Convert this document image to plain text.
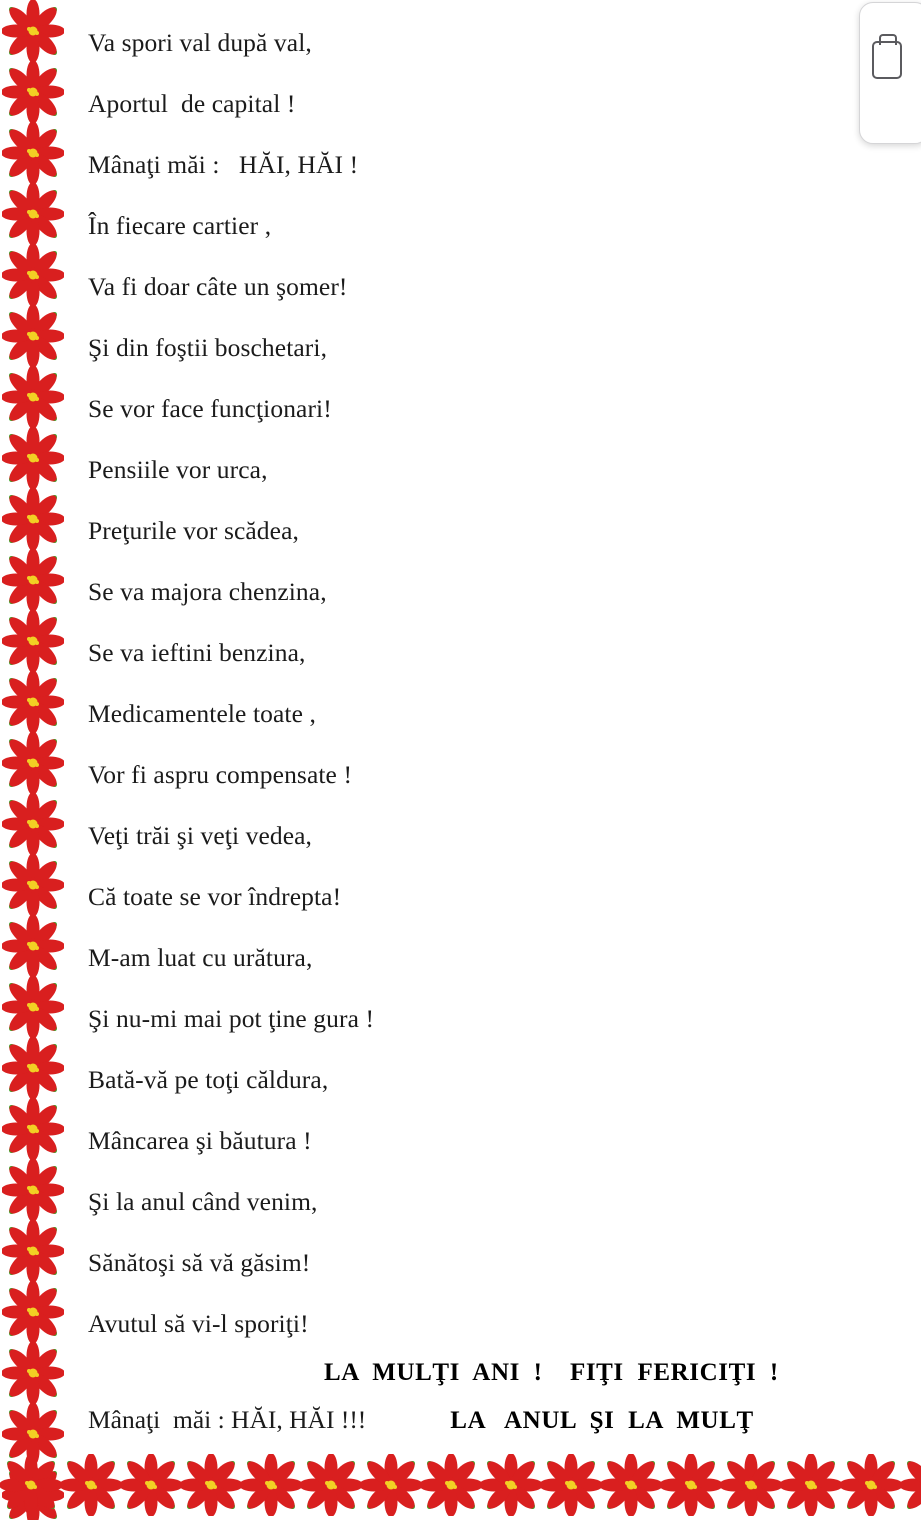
Va spori val după val,
Aportul  de capital !
Mânaţi măi :   HĂI, HĂI !
În fiecare cartier ,
Va fi doar câte un şomer!
Şi din foştii boschetari,
Se vor face funcţionari!
Pensiile vor urca,
Preţurile vor scădea,
Se va majora chenzina,
Se va ieftini benzina,
Medicamentele toate ,
Vor fi aspru compensate !
Veţi trăi şi veţi vedea,
Că toate se vor îndrepta!
M-am luat cu urătura,
Şi nu-mi mai pot ţine gura !
Bată-vă pe toţi căldura,
Mâncarea şi băutura !
Şi la anul când venim,
Sănătoşi să vă găsim!
Avutul să vi-l sporiţi!
LA  MULŢI  ANI  !    FIŢI  FERICIŢI  !
Mânaţi  măi : HĂI, HĂI !!!	LA   ANUL  ŞI  LA  MULŢ
